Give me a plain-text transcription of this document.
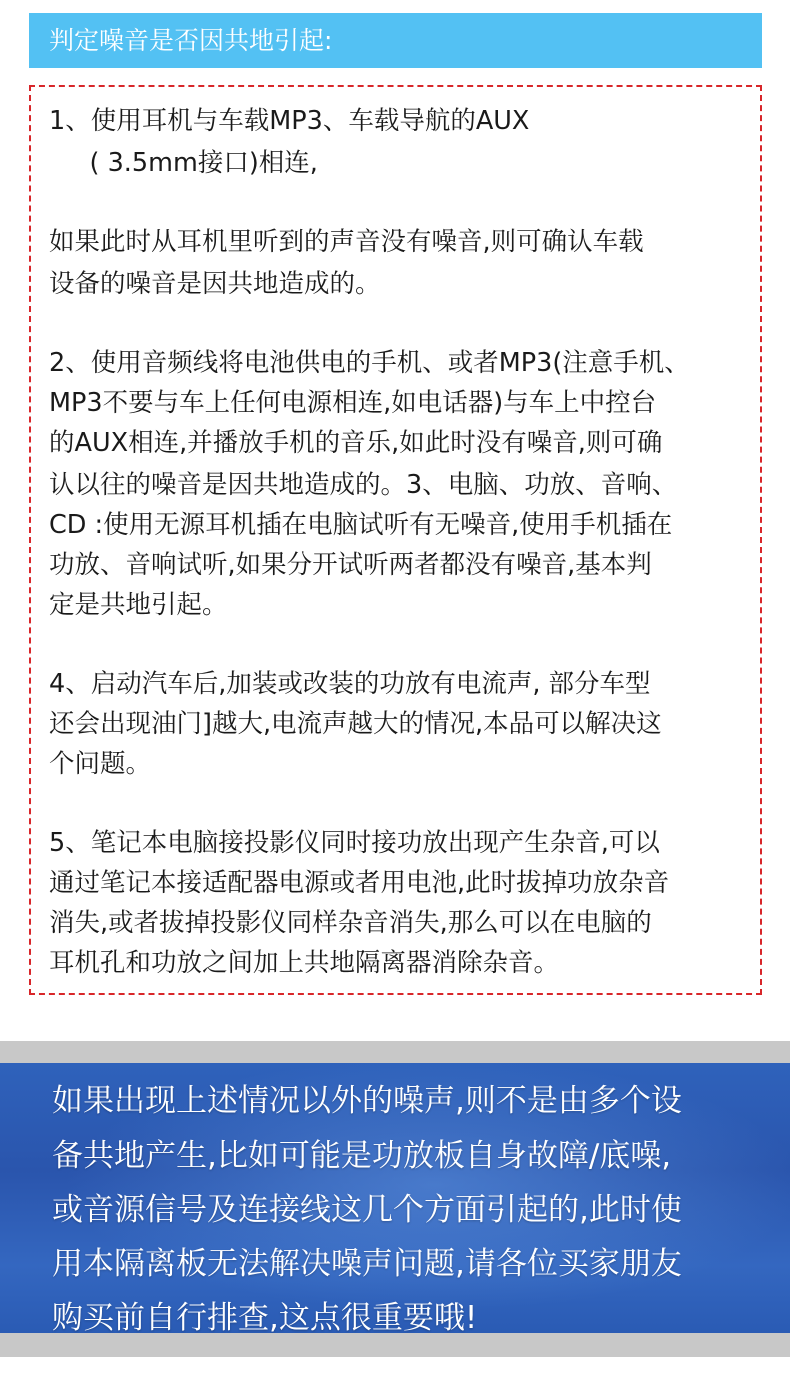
判定噪音是否因共地引起:

1、使用耳机与车载MP3、车载导航的AUX

( 3.5mm接口)相连,

如果此时从耳机里听到的声音没有噪音,则可确认车载

设备的噪音是因共地造成的。

2、使用音频线将电池供电的手机、或者MP3(注意手机、

MP3不要与车上任何电源相连,如电话器)与车上中控台

的AUX相连,并播放手机的音乐,如此时没有噪音,则可确

认以往的噪音是因共地造成的。3、电脑、功放、音响、

CD :使用无源耳机插在电脑试听有无噪音,使用手机插在

功放、音响试听,如果分开试听两者都没有噪音,基本判

定是共地引起。

4、启动汽车后,加装或改装的功放有电流声, 部分车型

还会出现油门]越大,电流声越大的情况,本品可以解决这

个问题。

5、笔记本电脑接投影仪同时接功放出现产生杂音,可以

通过笔记本接适配器电源或者用电池,此时拔掉功放杂音

消失,或者拔掉投影仪同样杂音消失,那么可以在电脑的

耳机孔和功放之间加上共地隔离器消除杂音。

如果出现上述情况以外的噪声,则不是由多个设
备共地产生,比如可能是功放板自身故障/底噪,
或音源信号及连接线这几个方面引起的,此时使
用本隔离板无法解决噪声问题,请各位买家朋友
购买前自行排查,这点很重要哦!
